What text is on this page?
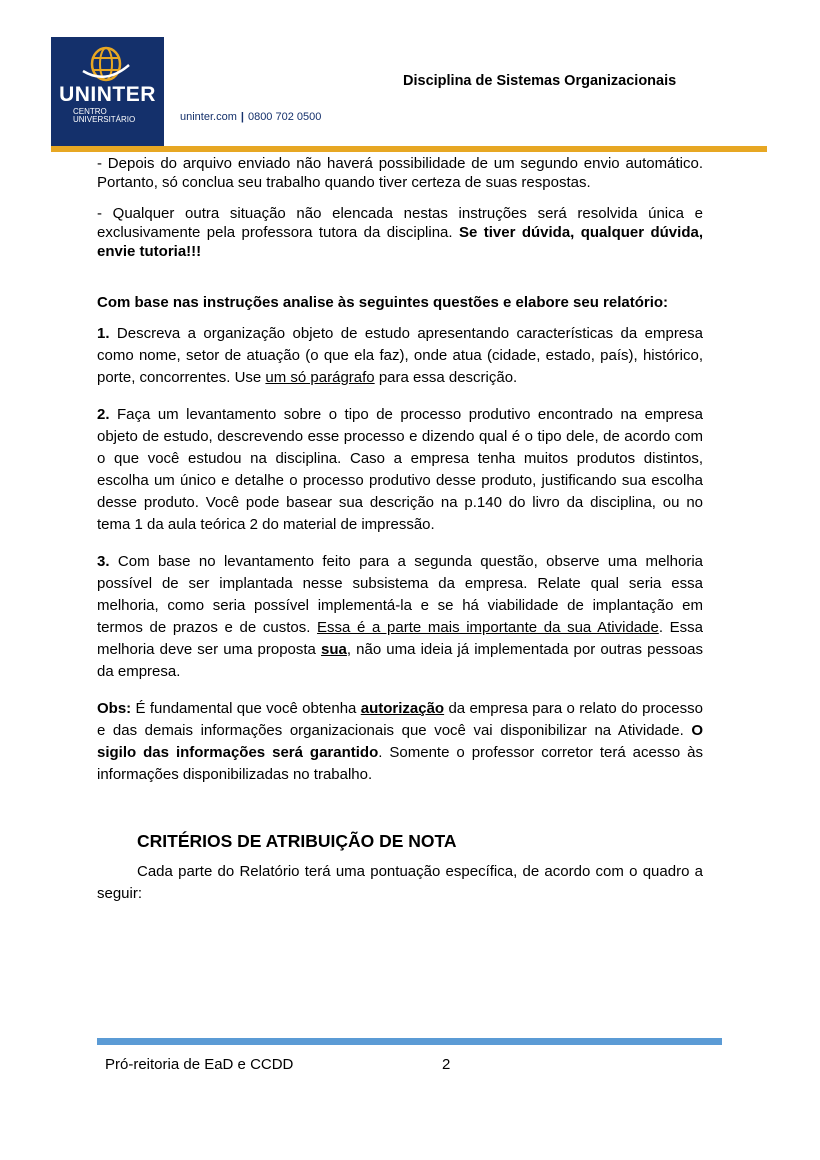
UNINTER
CENTRO
UNIVERSITÁRIO	uninter.com | 0800 702 0500
Disciplina de Sistemas Organizacionais

- Depois do arquivo enviado não haverá possibilidade de um segundo envio automático. Portanto, só conclua seu trabalho quando tiver certeza de suas respostas.

- Qualquer outra situação não elencada nestas instruções será resolvida única e exclusivamente pela professora tutora da disciplina. Se tiver dúvida, qualquer dúvida, envie tutoria!!!

Com base nas instruções analise às seguintes questões e elabore seu relatório:

1. Descreva a organização objeto de estudo apresentando características da empresa como nome, setor de atuação (o que ela faz), onde atua (cidade, estado, país), histórico, porte, concorrentes. Use um só parágrafo para essa descrição.

2. Faça um levantamento sobre o tipo de processo produtivo encontrado na empresa objeto de estudo, descrevendo esse processo e dizendo qual é o tipo dele, de acordo com o que você estudou na disciplina. Caso a empresa tenha muitos produtos distintos, escolha um único e detalhe o processo produtivo desse produto, justificando sua escolha desse produto. Você pode basear sua descrição na p.140 do livro da disciplina, ou no tema 1 da aula teórica 2 do material de impressão.

3. Com base no levantamento feito para a segunda questão, observe uma melhoria possível de ser implantada nesse subsistema da empresa. Relate qual seria essa melhoria, como seria possível implementá-la e se há viabilidade de implantação em termos de prazos e de custos. Essa é a parte mais importante da sua Atividade. Essa melhoria deve ser uma proposta sua, não uma ideia já implementada por outras pessoas da empresa.

Obs: É fundamental que você obtenha autorização da empresa para o relato do processo e das demais informações organizacionais que você vai disponibilizar na Atividade. O sigilo das informações será garantido. Somente o professor corretor terá acesso às informações disponibilizadas no trabalho.

CRITÉRIOS DE ATRIBUIÇÃO DE NOTA

Cada parte do Relatório terá uma pontuação específica, de acordo com o quadro a seguir:

Pró-reitoria de EaD e CCDD	2
